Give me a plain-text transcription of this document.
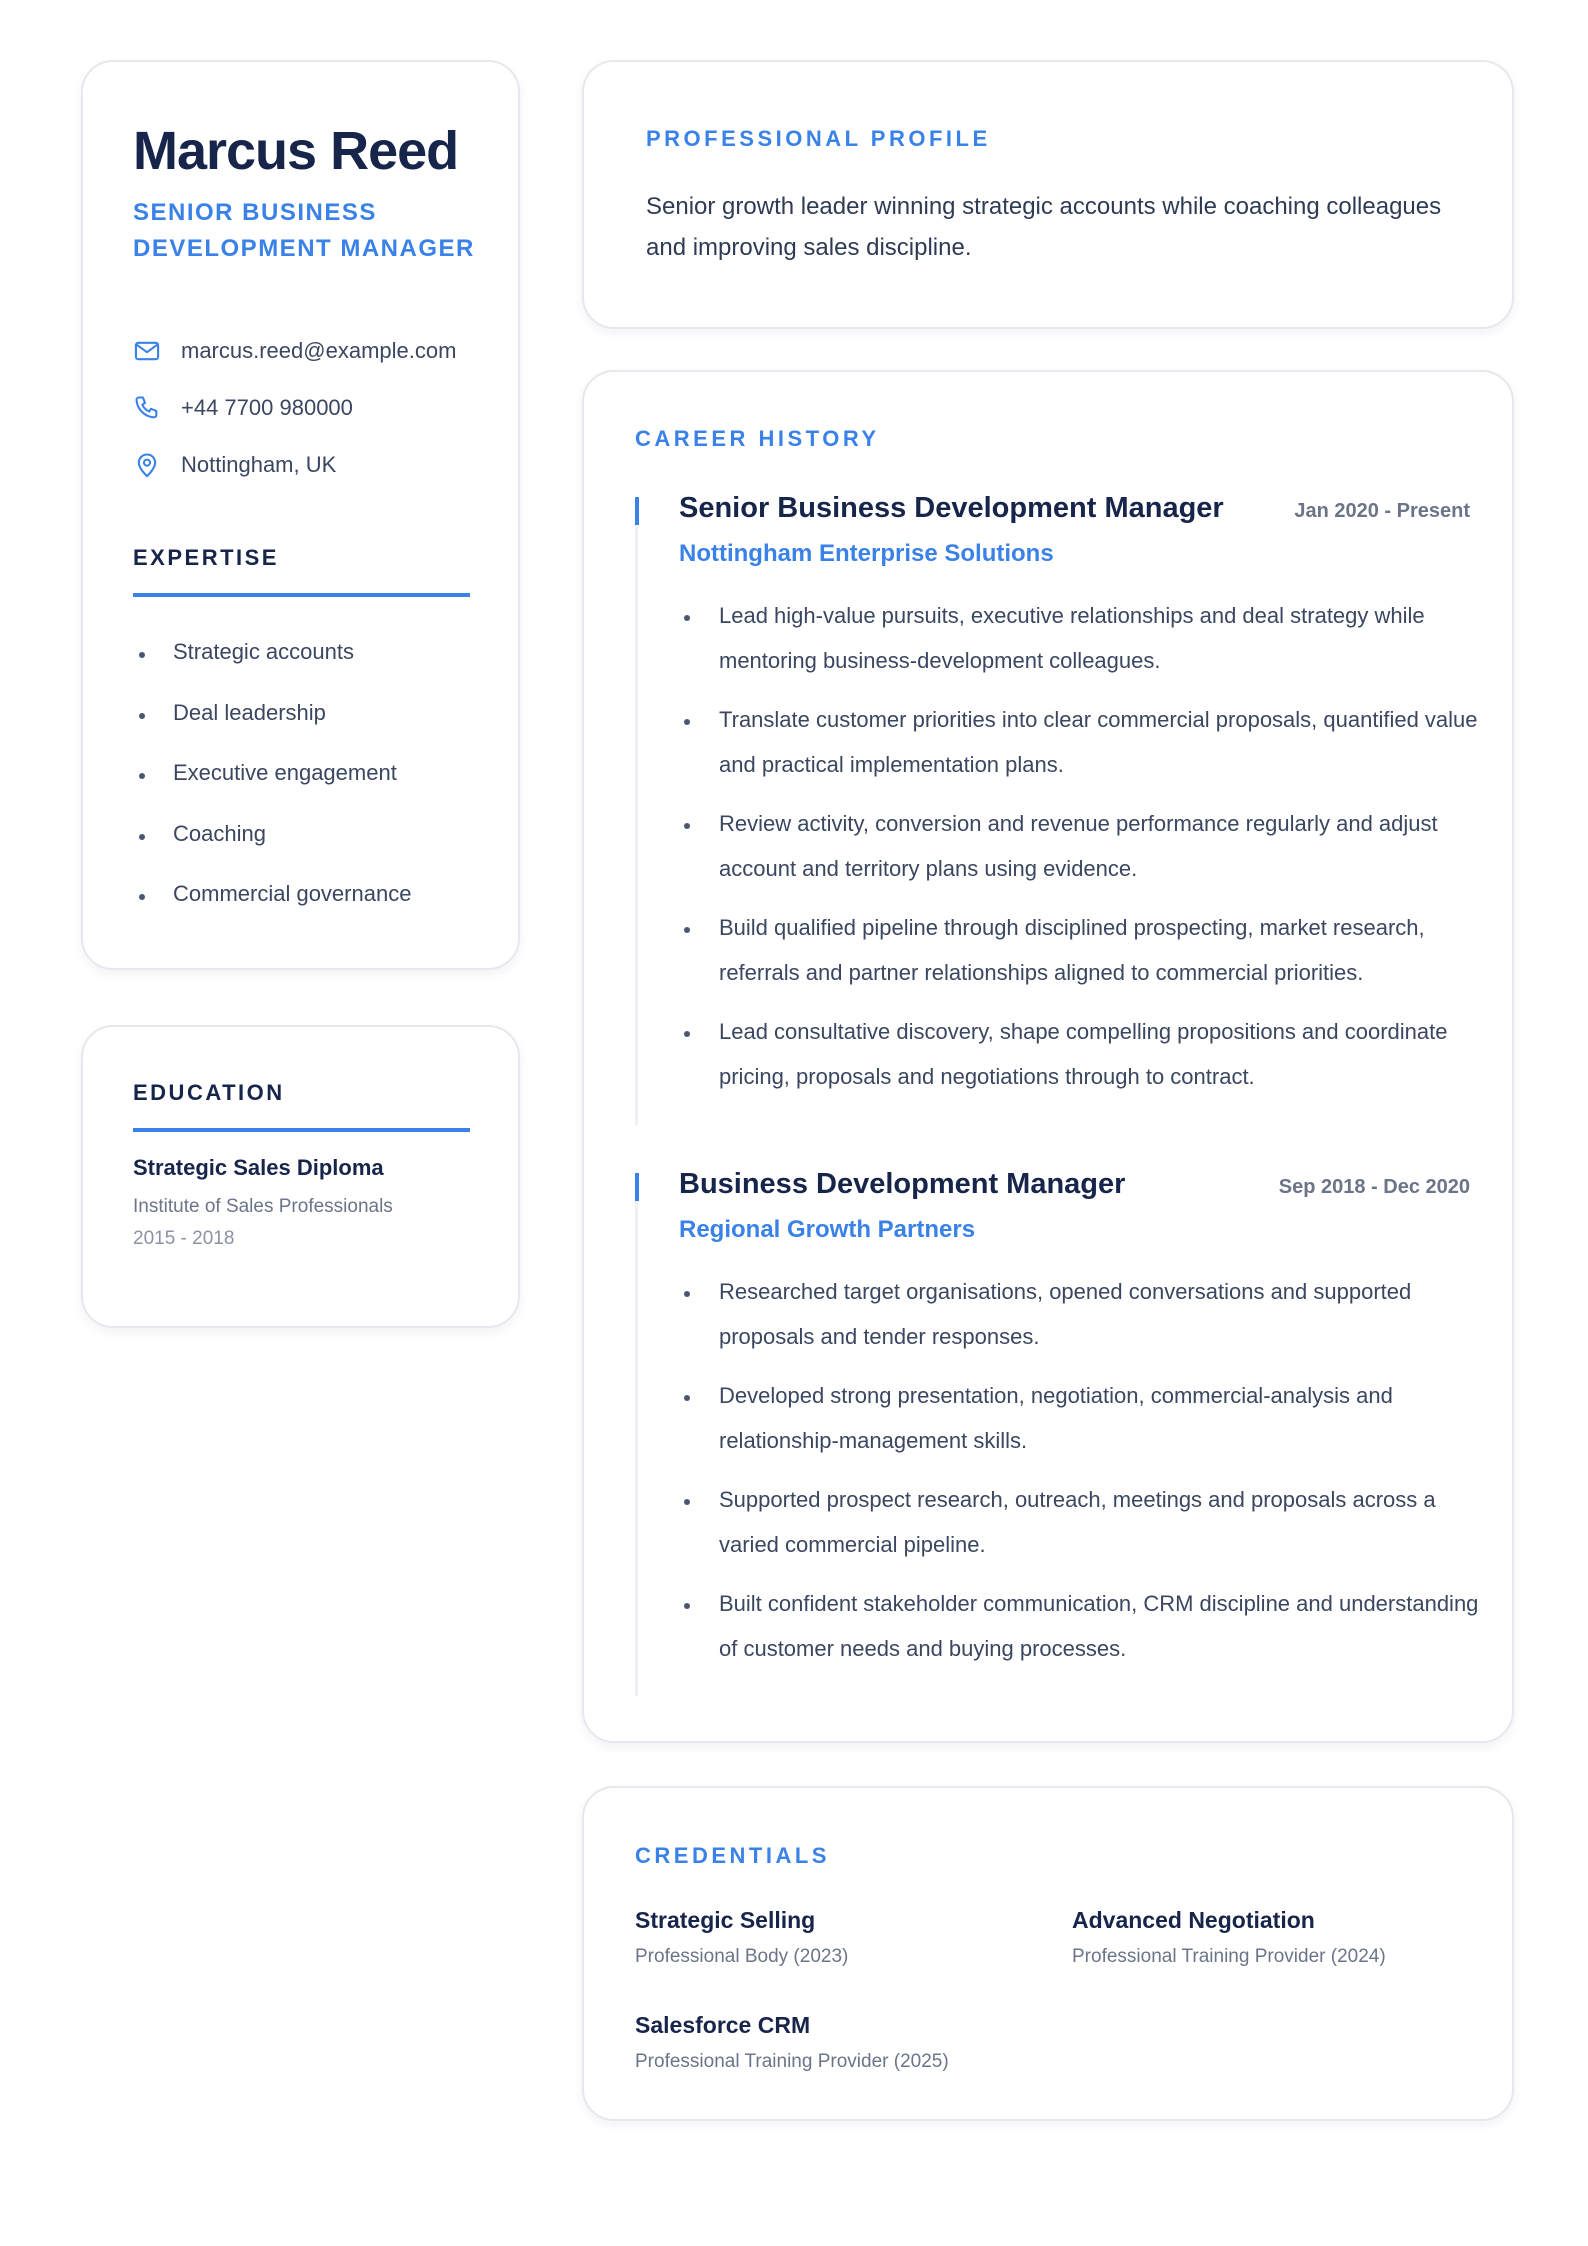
Marcus Reed
SENIOR BUSINESS DEVELOPMENT MANAGER
marcus.reed@example.com
+44 7700 980000
Nottingham, UK
EXPERTISE
Strategic accounts
Deal leadership
Executive engagement
Coaching
Commercial governance
EDUCATION
Strategic Sales Diploma
Institute of Sales Professionals
2015 - 2018
PROFESSIONAL PROFILE

Senior growth leader winning strategic accounts while coaching colleagues and improving sales discipline.

CAREER HISTORY
Senior Business Development Manager	Jan 2020 - Present
Nottingham Enterprise Solutions
Lead high-value pursuits, executive relationships and deal strategy while mentoring business-development colleagues.
Translate customer priorities into clear commercial proposals, quantified value and practical implementation plans.
Review activity, conversion and revenue performance regularly and adjust account and territory plans using evidence.
Build qualified pipeline through disciplined prospecting, market research, referrals and partner relationships aligned to commercial priorities.
Lead consultative discovery, shape compelling propositions and coordinate pricing, proposals and negotiations through to contract.
Business Development Manager	Sep 2018 - Dec 2020
Regional Growth Partners
Researched target organisations, opened conversations and supported proposals and tender responses.
Developed strong presentation, negotiation, commercial-analysis and relationship-management skills.
Supported prospect research, outreach, meetings and proposals across a varied commercial pipeline.
Built confident stakeholder communication, CRM discipline and understanding of customer needs and buying processes.
CREDENTIALS
Strategic Selling
Professional Body (2023)
Advanced Negotiation
Professional Training Provider (2024)
Salesforce CRM
Professional Training Provider (2025)
